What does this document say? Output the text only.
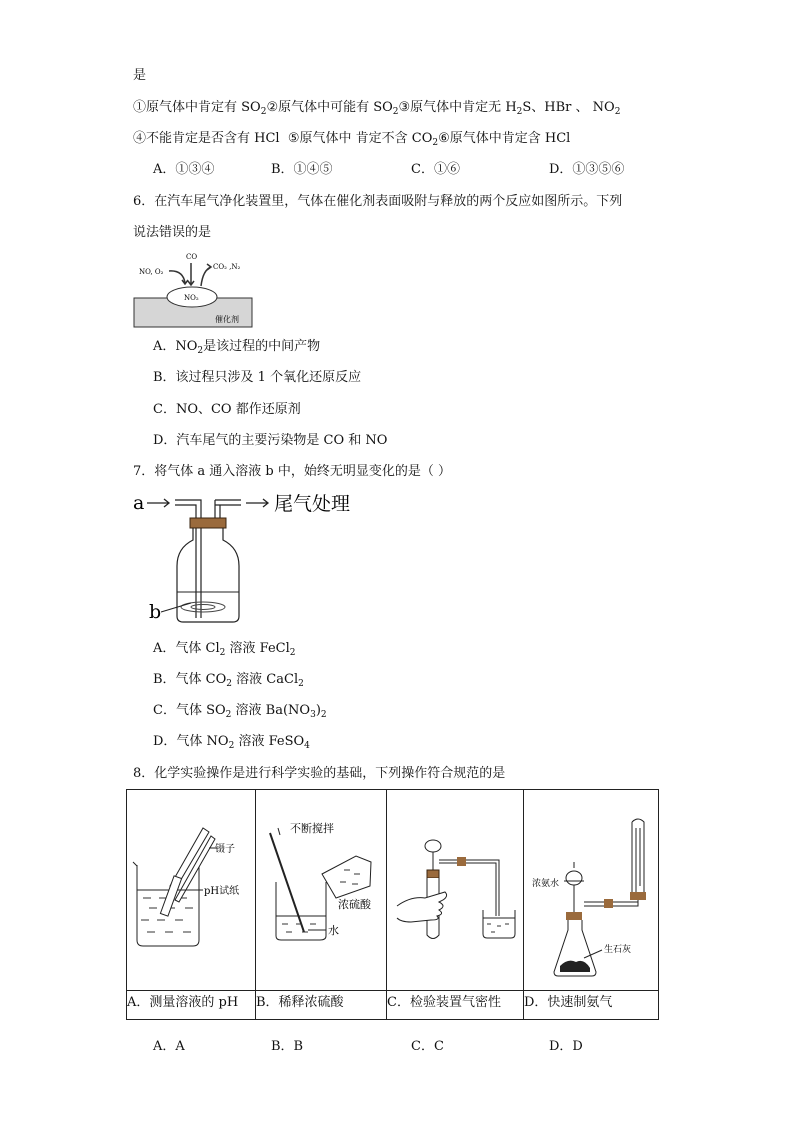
是
①原气体中肯定有 $SO_2②$原气体中可能有 $SO_2③$原气体中肯定无 $H_2S$、HBr 、 $NO_2$
④不能肯定是否含有 HCl ⑤原气体中 肯定不含 $CO_2⑥$原气体中肯定含 HCl
A．①③④	B．①④⑤	C．①⑥	D．①③⑤⑥
6．在汽车尾气净化装置里，气体在催化剂表面吸附与释放的两个反应如图所示。下列
说法错误的是
NO₂
CO
NO, O₂
CO₂ ,N₂
催化剂
A．$NO_2$是该过程的中间产物
B．该过程只涉及 1 个氧化还原反应
C．NO、CO 都作还原剂
D．汽车尾气的主要污染物是 CO 和 NO
7．将气体 a 通入溶液 b 中，始终无明显变化的是（ ）
a	尾气处理
b
A．气体 $Cl_2$ 溶液 FeCl$_2$
B．气体 $CO_2$ 溶液 CaCl$_2$
C．气体 $SO_2$ 溶液 $Ba(NO_3)_2$
D．气体 $NO_2$ 溶液 FeSO$_4$
8．化学实验操作是进行科学实验的基础，下列操作符合规范的是
镊子
pH试纸	不断搅拌
浓硫酸
水		浓氨水
生石灰

A．测量溶液的 pH	B．稀释浓硫酸	C．检验装置气密性	D．快速制氨气
A．A	B．B	C．C	D．D
